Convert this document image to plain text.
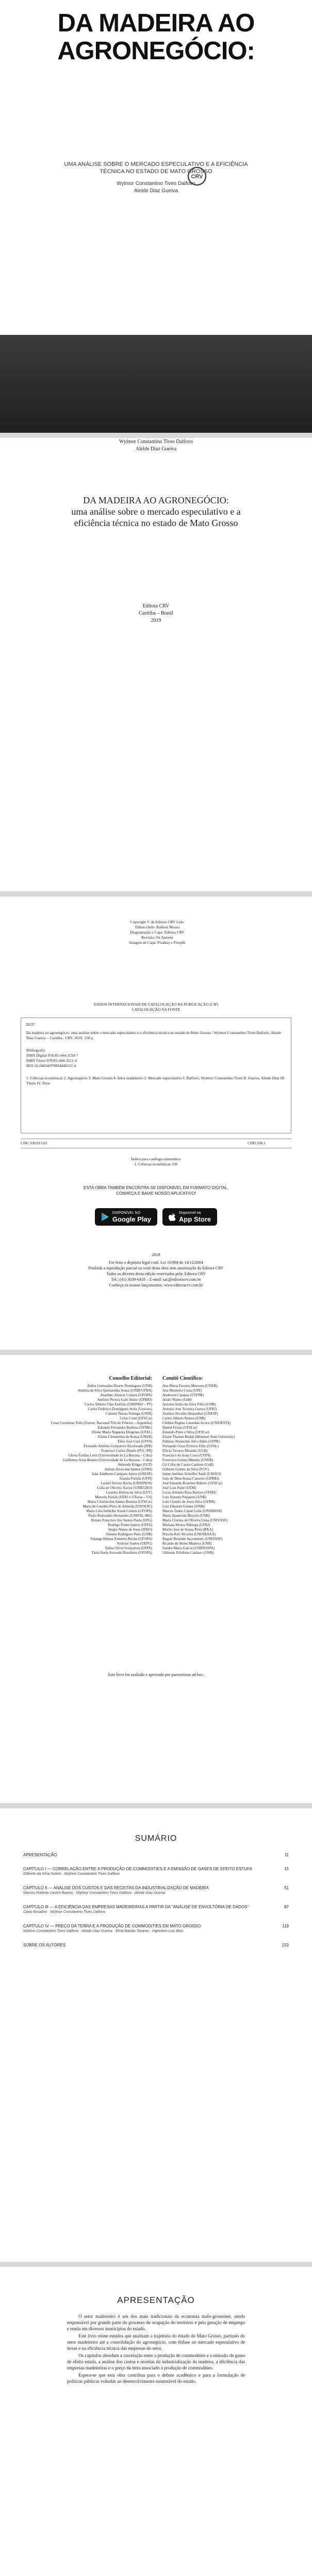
DA MADEIRA AO
AGRONEGÓCIO:
UMA ANÁLISE SOBRE O MERCADO ESPECULATIVO E A EFICIÊNCIA TÉCNICA NO ESTADO DE MATO GROSSO
Wylmor Constantino Tives Dalfovo
Aleide Diaz Gueiva
CRV
Wylmor Constantino Tives Dalfovo
Aleide Diaz Gueiva
DA MADEIRA AO AGRONEGÓCIO:
uma análise sobre o mercado especulativo e a
eficiência técnica no estado de Mato Grosso
Editora CRV
Curitiba – Brasil
2019
Copyright © da Editora CRV Ltda.
Editor-chefe: Railson Moura
Diagramação e Capa: Editora CRV
Revisão: Os Autores
Imagem de Capa: Pixabay e Freepik
DADOS INTERNACIONAIS DE CATALOGAÇÃO NA PUBLICAÇÃO (CIP)
CATALOGAÇÃO NA FONTE
D137
Da madeira ao agronegócio: uma análise sobre o mercado especulativo e a eficiência técnica no estado de Mato Grosso / Wylmor Constantino Tives Dalfovo, Aleide Diaz Gueiva – Curitiba : CRV, 2019. 158 p.
Bibliografia
ISBN Digital 978-85-444-3150-7
ISBN Físico 978-85-444-3151-4
DOI 10.24824/978854443151.4
1. Ciências econômicas 2. Agronegócio 3. Mato Grosso 4. Setor madeireiro 5. Mercado especulativo I. Dalfovo, Wylmor Constantino Tives II. Gueiva, Aleide Diaz III. Título IV. Série
CDU 330.015.03	CDD 338.1
Índice para catálogo sistemático
1. Ciências econômicas 330
ESTA OBRA TAMBÉM ENCONTRA-SE DISPONÍVEL EM FORMATO DIGITAL.
CONHEÇA E BAIXE NOSSO APLICATIVO!
DISPONÍVEL NO
Google Play
Disponível na
App Store
2019
Foi feito o depósito legal conf. Lei 10.994 de 14/12/2004
Proibida a reprodução parcial ou total desta obra sem autorização da Editora CRV
Todos os direitos desta edição reservados pela: Editora CRV
Tel.: (41) 3039-6418 – E-mail: sac@editoracrv.com.br
Conheça os nossos lançamentos: www.editoracrv.com.br
Conselho Editorial:
Aldira Guimarães Duarte Domínguez (UNB)
Andréia da Silva Quintanilha Sousa (UNIR/UFRN)
Anselmo Alencar Colares (UFOPA)
Antônio Pereira Gaio Júnior (UFRRJ)
Carlos Alberto Vilar Estêvão (UMINHO – PT)
Carlos Federico Dominguez Avila (Unieuro)
Carmen Tereza Velanga (UNIR)
Celso Conti (UFSCar)
Cesar Gerónimo Tello (Univer. Nacional Três de Febrero – Argentina)
Eduardo Fernandes Barbosa (UFMG)
Elione Maria Nogueira Diogenes (UFAL)
Elizeu Clementino de Souza (UNEB)
Élsio José Corá (UFFS)
Fernando Antônio Gonçalves Alcoforado (IPB)
Francisco Carlos Duarte (PUC-PR)
Gloria Fariñas León (Universidade de La Havana – Cuba)
Guillermo Arias Beatón (Universidade de La Havana – Cuba)
Helmuth Krüger (UCP)
Jailson Alves dos Santos (UFRJ)
João Adalberto Campato Junior (UNESP)
Josania Portela (UFPI)
Leonel Severo Rocha (UNISINOS)
Lídia de Oliveira Xavier (UNIEURO)
Lourdes Helena da Silva (UFV)
Marcelo Paixão (UFRJ e UTexas – US)
Maria Cristina dos Santos Bezerra (UFSCar)
Maria de Lourdes Pinto de Almeida (UNOESC)
Maria Lília Imbiriba Sousa Colares (UFOPA)
Paulo Romualdo Hernandes (UNIFAL-MG)
Renato Francisco dos Santos Paula (UFG)
Rodrigo Pratte-Santos (UFES)
Sérgio Nunes de Jesus (IFRO)
Simone Rodrigues Pinto (UNB)
Solange Helena Ximenes-Rocha (UFOPA)
Sydione Santos (UEPG)
Tadeu Oliver Gonçalves (UFPA)
Tania Suely Azevedo Brasileiro (UFOPA)
Comitê Científico:
Ana Maria Ferreira Menezes (UNEB)
Ana Monteiro Costa (UPE)
Anderson Catapan (UTFPR)
André Nunes (UnB)
Antonio Isidro da Silva Filho (UNB)
Antonio Jose Teixeira Guerra (UFRJ)
Antônio Nivaldo Hespanhol (UNESP)
Carlos Alberto Ramos (UNB)
Clédina Regina Lonardan Acorsi (UNIOESTE)
Daniel Ferraz (UFSCar)
Eduardo Pinto e Silva (UFSCar)
Eliane Thaines Bodah (Missouri State University)
Fabiano Abranches Silva Dalto (UFPR)
Fernando Cezar Ferreira Filho (UFAL)
Flávio Tavares Miranda (UCB)
Francisco de Assis Costa (UFPA)
Francisco Gomes Mendes (UNEB)
Gil Célio de Castro Cardoso (UnB)
Gilberto Gomes da Silva (FGV)
Jaime Antônio Scheffler Sardi (UNIJUI)
João de Deus Souza Carneiro (UFRRJ)
José Eduardo Roselino Ribeiro (UFSCar)
José Luiz Parré (UEM)
Lucas Antonio Rosa Barrios (UFMS)
Luis Antonio Pasquetti (UNB)
Luís Claudio de Jesus Silva (UFRR)
Luiz Eduardo Gómez (UNB)
Marcos Tadeu Caputi Lelis (UNISINOS)
Maria Aparecida Moysés (UNB)
Maria Cristina de Oliveira Lima (UNIVASF)
Mariana Moura Nóbrega (UFRJ)
Murilo José de Souza Pires (IPEA)
Priscila Keli Nicolini (UNIARAXA)
Raquel Rezende Sacramento (UNIVASF)
Ricardo de Abreu Madeira (UNB)
Sandra Maria Garcia (UNIFESSPA)
Ubiratan Felisbino Cardozo (UNB)
Este livro foi avaliado e aprovado por pareceristas ad hoc.
SUMÁRIO
APRESENTAÇÃO	11
CAPÍTULO I — CORRELAÇÃO ENTRE A PRODUÇÃO DE COMMODITIES E A EMISSÃO DE GASES DE EFEITO ESTUFA	15
Gilberto da Silva Noleto · Wylmor Constantino Tives Dalfovo
CAPÍTULO II — ANÁLISE DOS CUSTOS E DAS RECEITAS DA INDUSTRIALIZAÇÃO DE MADEIRA	51
Marcos Roberto Castro Ramos · Wylmor Constantino Tives Dalfovo · Aleide Diaz Gueiva
CAPÍTULO III — A EFICIÊNCIA DAS EMPRESAS MADEIREIRAS A PARTIR DA "ANÁLISE DE ENVOLTÓRIA DE DADOS"	87
Clara Rosalino · Wylmor Constantino Tives Dalfovo
CAPÍTULO IV — PREÇO DA TERRA E A PRODUÇÃO DE COMMODITIES EM MATO GROSSO	119
Wylmor Constantino Tives Dalfovo · Aleide Diaz Gueiva · Elma Basilio Tavares · Ingeniero Luiz Boni
SOBRE OS AUTORES	153
APRESENTAÇÃO

O setor madeireiro é um dos mais tradicionais da economia mato-grossense, sendo responsável por grande parte do processo de ocupação do território e pela geração de emprego e renda em diversos municípios do estado.

Este livro reúne estudos que analisam a trajetória do estado de Mato Grosso, partindo do setor madeireiro até a consolidação do agronegócio, com ênfase no mercado especulativo de terras e na eficiência técnica das empresas do setor.

Os capítulos abordam a correlação entre a produção de commodities e a emissão de gases de efeito estufa, a análise dos custos e receitas da industrialização da madeira, a eficiência das empresas madeireiras e o preço da terra associado à produção de commodities.

Espera-se que esta obra contribua para o debate acadêmico e para a formulação de políticas públicas voltadas ao desenvolvimento sustentável do estado.
